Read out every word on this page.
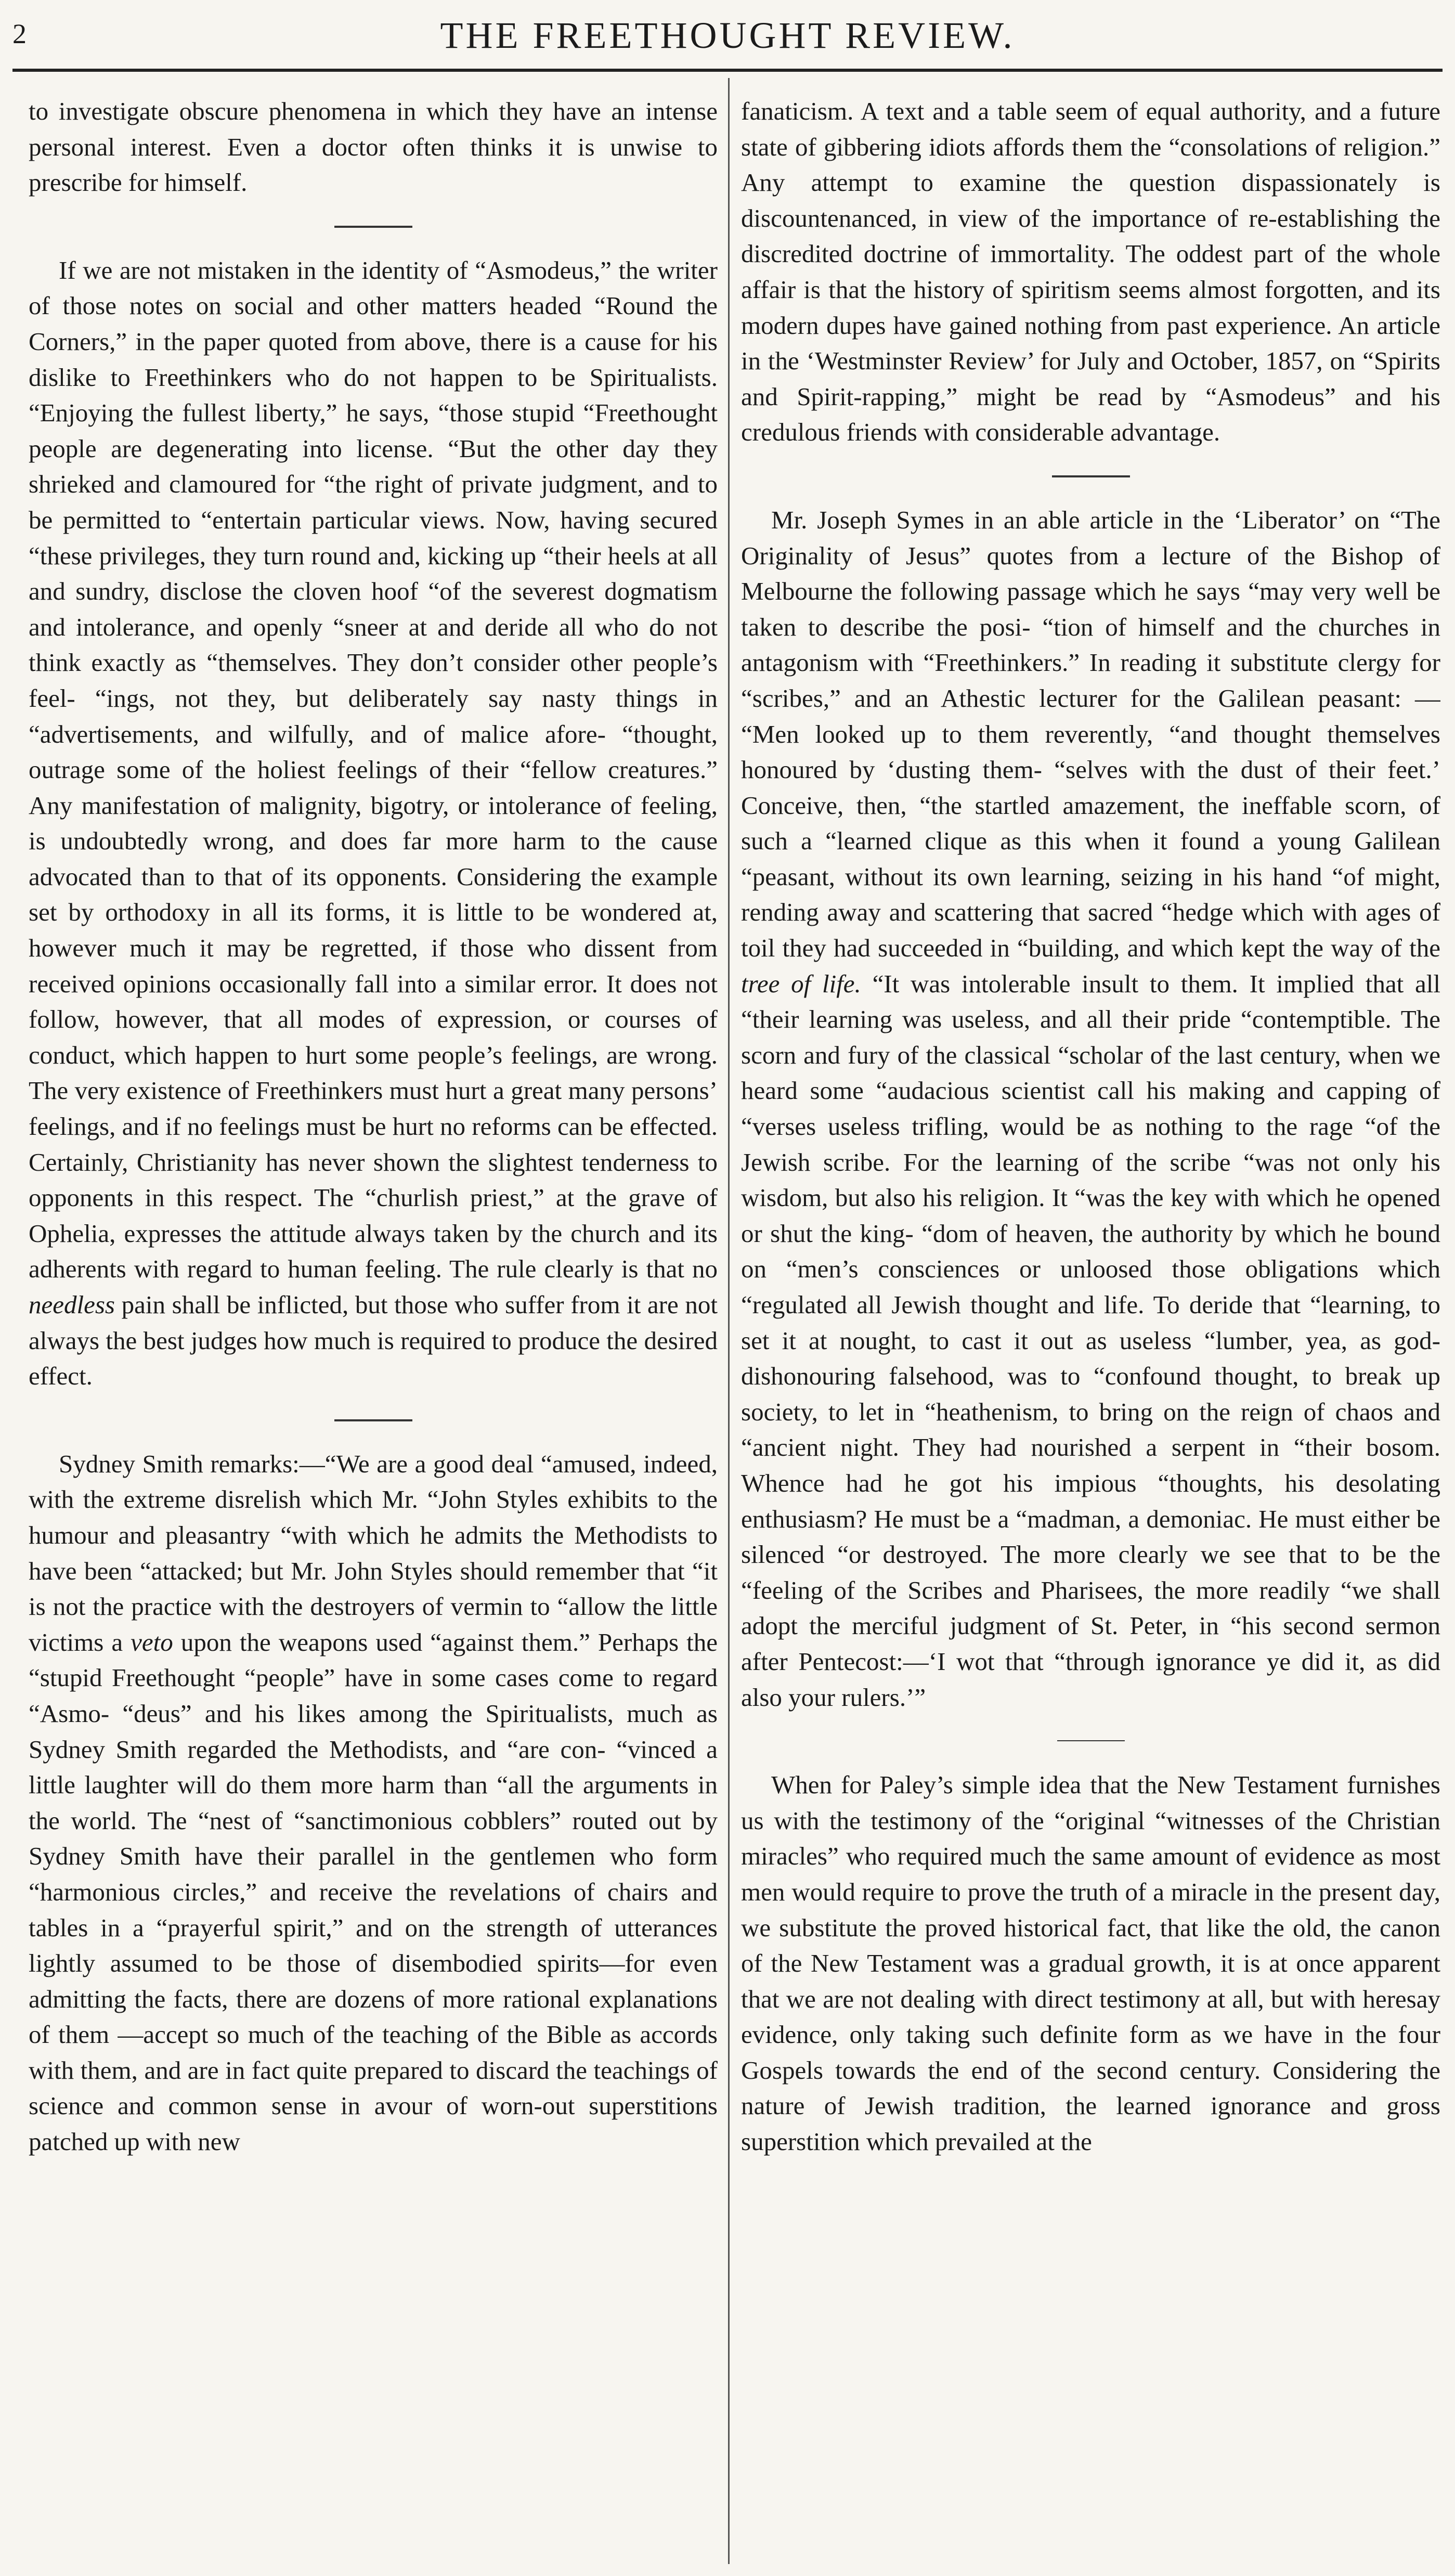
2	THE FREETHOUGHT REVIEW.

to investigate obscure phenomena in which they have an intense personal interest. Even a doctor often thinks it is unwise to prescribe for himself.

If we are not mistaken in the identity of “Asmodeus,” the writer of those notes on social and other matters headed “Round the Corners,” in the paper quoted from above, there is a cause for his dislike to Freethinkers who do not happen to be Spiritualists. “Enjoying the fullest liberty,” he says, “those stupid “Freethought people are degenerating into license. “But the other day they shrieked and clamoured for “the right of private judgment, and to be permitted to “entertain particular views. Now, having secured “these privileges, they turn round and, kicking up “their heels at all and sundry, disclose the cloven hoof “of the severest dogmatism and intolerance, and openly “sneer at and deride all who do not think exactly as “themselves. They don’t consider other people’s feel- “ings, not they, but deliberately say nasty things in “advertisements, and wilfully, and of malice afore- “thought, outrage some of the holiest feelings of their “fellow creatures.” Any manifestation of malignity, bigotry, or intolerance of feeling, is undoubtedly wrong, and does far more harm to the cause advocated than to that of its opponents. Considering the example set by orthodoxy in all its forms, it is little to be wondered at, however much it may be regretted, if those who dissent from received opinions occasionally fall into a similar error. It does not follow, however, that all modes of expression, or courses of conduct, which happen to hurt some people’s feelings, are wrong. The very existence of Freethinkers must hurt a great many persons’ feelings, and if no feelings must be hurt no reforms can be effected. Certainly, Christianity has never shown the slightest tenderness to opponents in this respect. The “churlish priest,” at the grave of Ophelia, expresses the attitude always taken by the church and its adherents with regard to human feeling. The rule clearly is that no needless pain shall be inflicted, but those who suffer from it are not always the best judges how much is required to produce the desired effect.

Sydney Smith remarks:—“We are a good deal “amused, indeed, with the extreme disrelish which Mr. “John Styles exhibits to the humour and pleasantry “with which he admits the Methodists to have been “attacked; but Mr. John Styles should remember that “it is not the practice with the destroyers of vermin to “allow the little victims a veto upon the weapons used “against them.” Perhaps the “stupid Freethought “people” have in some cases come to regard “Asmo- “deus” and his likes among the Spiritualists, much as Sydney Smith regarded the Methodists, and “are con- “vinced a little laughter will do them more harm than “all the arguments in the world. The “nest of “sanctimonious cobblers” routed out by Sydney Smith have their parallel in the gentlemen who form “harmonious circles,” and receive the revelations of chairs and tables in a “prayerful spirit,” and on the strength of utterances lightly assumed to be those of disembodied spirits—for even admitting the facts, there are dozens of more rational explanations of them —accept so much of the teaching of the Bible as accords with them, and are in fact quite prepared to discard the teachings of science and common sense in avour of worn-out superstitions patched up with new

fanaticism. A text and a table seem of equal authority, and a future state of gibbering idiots affords them the “consolations of religion.” Any attempt to examine the question dispassionately is discountenanced, in view of the importance of re-establishing the discredited doctrine of immortality. The oddest part of the whole affair is that the history of spiritism seems almost forgotten, and its modern dupes have gained nothing from past experience. An article in the ‘Westminster Review’ for July and October, 1857, on “Spirits and Spirit-rapping,” might be read by “Asmodeus” and his credulous friends with considerable advantage.

Mr. Joseph Symes in an able article in the ‘Liberator’ on “The Originality of Jesus” quotes from a lecture of the Bishop of Melbourne the following passage which he says “may very well be taken to describe the posi- “tion of himself and the churches in antagonism with “Freethinkers.” In reading it substitute clergy for “scribes,” and an Athestic lecturer for the Galilean peasant: — “Men looked up to them reverently, “and thought themselves honoured by ‘dusting them- “selves with the dust of their feet.’ Conceive, then, “the startled amazement, the ineffable scorn, of such a “learned clique as this when it found a young Galilean “peasant, without its own learning, seizing in his hand “of might, rending away and scattering that sacred “hedge which with ages of toil they had succeeded in “building, and which kept the way of the tree of life. “It was intolerable insult to them. It implied that all “their learning was useless, and all their pride “contemptible. The scorn and fury of the classical “scholar of the last century, when we heard some “audacious scientist call his making and capping of “verses useless trifling, would be as nothing to the rage “of the Jewish scribe. For the learning of the scribe “was not only his wisdom, but also his religion. It “was the key with which he opened or shut the king- “dom of heaven, the authority by which he bound on “men’s consciences or unloosed those obligations which “regulated all Jewish thought and life. To deride that “learning, to set it at nought, to cast it out as useless “lumber, yea, as god-dishonouring falsehood, was to “confound thought, to break up society, to let in “heathenism, to bring on the reign of chaos and “ancient night. They had nourished a serpent in “their bosom. Whence had he got his impious “thoughts, his desolating enthusiasm? He must be a “madman, a demoniac. He must either be silenced “or destroyed. The more clearly we see that to be the “feeling of the Scribes and Pharisees, the more readily “we shall adopt the merciful judgment of St. Peter, in “his second sermon after Pentecost:—‘I wot that “through ignorance ye did it, as did also your rulers.’”

When for Paley’s simple idea that the New Testament furnishes us with the testimony of the “original “witnesses of the Christian miracles” who required much the same amount of evidence as most men would require to prove the truth of a miracle in the present day, we substitute the proved historical fact, that like the old, the canon of the New Testament was a gradual growth, it is at once apparent that we are not dealing with direct testimony at all, but with heresay evidence, only taking such definite form as we have in the four Gospels towards the end of the second century. Considering the nature of Jewish tradition, the learned ignorance and gross superstition which prevailed at the
